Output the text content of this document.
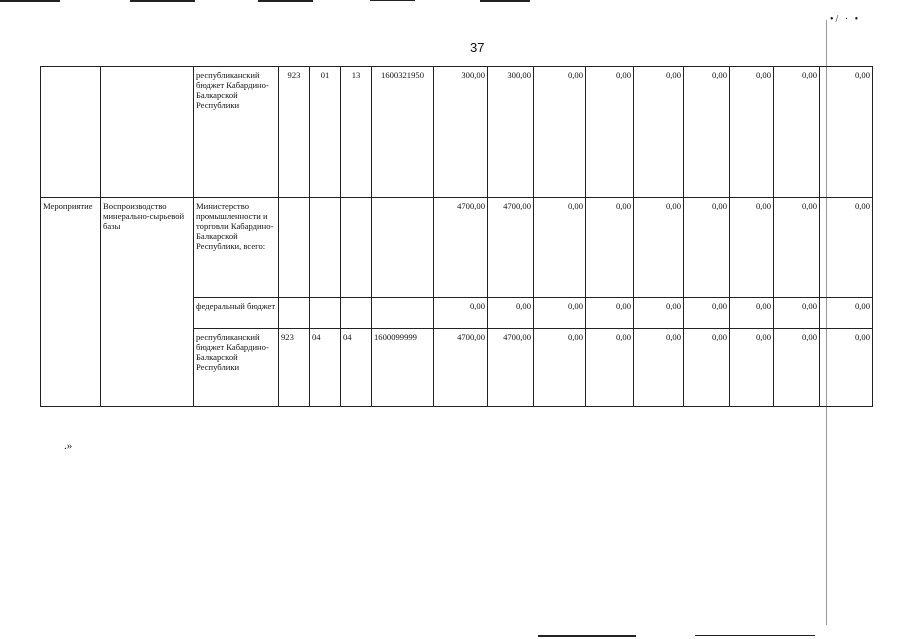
37
•/ · •
		республиканский бюджет Кабардино-Балкарской Республики	923	01	13	1600321950	300,00	300,00	0,00	0,00	0,00	0,00	0,00	0,00	0,00
Мероприятие	Воспроизводство минерально-сырьевой базы	Министерство промышленности и торговли Кабардино-Балкарской Республики, всего:					4700,00	4700,00	0,00	0,00	0,00	0,00	0,00	0,00	0,00
		федеральный бюджет					0,00	0,00	0,00	0,00	0,00	0,00	0,00	0,00	0,00
		республиканский бюджет Кабардино-Балкарской Республики	923	04	04	1600099999	4700,00	4700,00	0,00	0,00	0,00	0,00	0,00	0,00	0,00
.»
